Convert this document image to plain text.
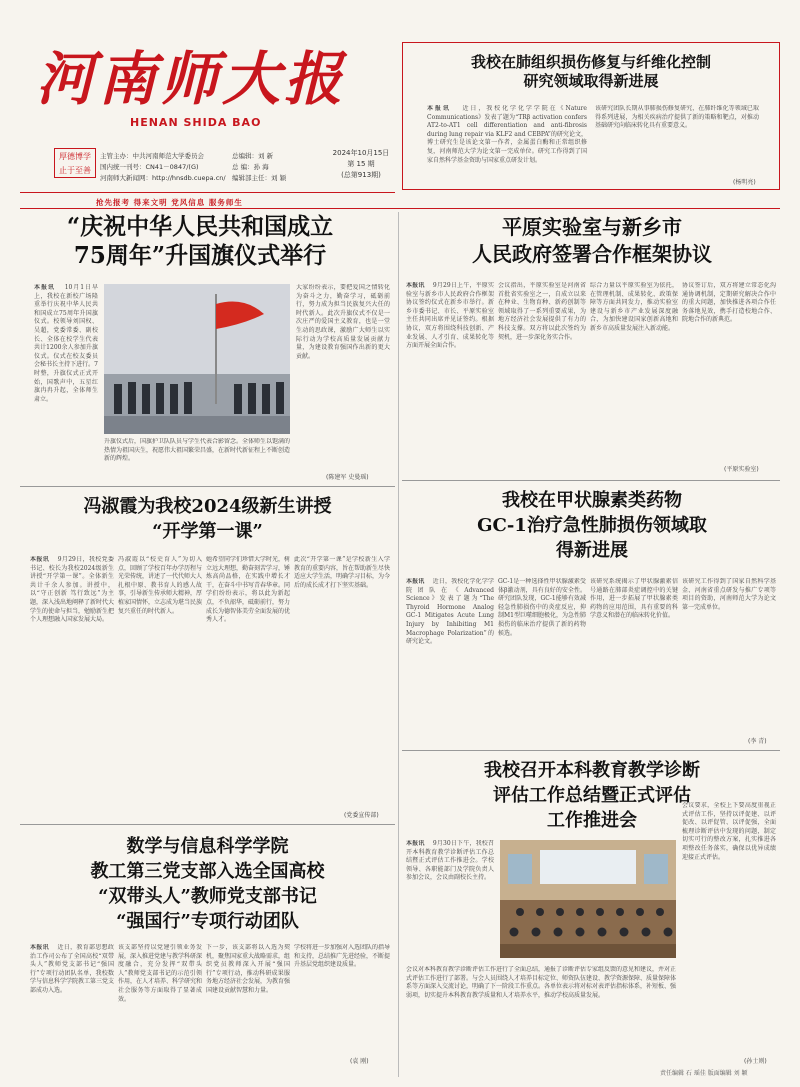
河南师大报
HENAN SHIDA BAO
厚德博学 止于至善
主管主办：中共河南师范大学委员会
国内统一刊号：CN41－0847/(G)
河南师大新闻网：http://hnsdb.cuepa.cn/
总编辑：刘 新
总 编：孙 海
编辑部主任：刘 颖
2024年10月15日
第 15 期
(总第913期)
抢先报考 得来文明 党风信息 服务师生
我校在肺组织损伤修复与纤维化控制
研究领域取得新进展
本报讯 　近日，我校化学化学学院在《Nature Communications》发表了题为“TRβ activation confers AT2-to-AT1 cell differentiation and anti-fibrosis during lung repair via KLF2 and CEBPA”的研究论文，博士研究生是该论文第一作者，金属蛋白酶和正常组织修复，河南师范大学为论文第一完成单位。研究工作得到了国家自然科学基金资助与国家重点研发计划。
该研究团队长期从事肺损伤修复研究，在肺纤维化等领域已取得系列进展，为相关疾病治疗提供了新的策略和靶点，对推动基础研究向临床转化具有重要意义。
(杨明亮)
“庆祝中华人民共和国成立
75周年”升国旗仪式举行
本报讯 　10月1日早上，我校在新校广场隆重举行庆祝中华人民共和国成立75周年升国旗仪式。校领导刘国权、吴超，党委常委、副校长、全体在校学生代表共计1200余人参加升旗仪式。仪式在校友委员会秘书长主持下进行。7时整，升旗仪式正式开始，国歌声中，五星红旗冉冉升起，全体师生肃立。
升旗仪式后，国旗护卫队队员与学生代表合影留念。全体师生以饱满的热情为祖国庆生，祝愿伟大祖国繁荣昌盛，在新时代新征程上不断创造新的辉煌。
大家纷纷表示，要把爱国之情转化为奋斗之力，勤奋学习，砥砺前行，努力成为担当民族复兴大任的时代新人。此次升旗仪式不仅是一次庄严的爱国主义教育，也是一堂生动的思政课，激励广大师生以实际行动为学校高质量发展贡献力量，为建设教育强国作出新的更大贡献。
(陈建军 史曼瑶)
平原实验室与新乡市
人民政府签署合作框架协议
本报讯 　9月29日上午，平原实验室与新乡市人民政府合作框架协议签约仪式在新乡市举行。新乡市委书记、市长、平原实验室主任共同出席并见证签约。根据协议，双方将围绕科技创新、产业发展、人才引育、成果转化等方面开展全面合作。
会议指出，平原实验室是河南省首批省实验室之一，自成立以来在种业、生物育种、新药创制等领域取得了一系列重要成果，为地方经济社会发展提供了有力的科技支撑。双方将以此次签约为契机，进一步深化务实合作。
综合力量以平原实验室为依托，在管理机制、成果转化、政策保障等方面共同发力，推动实验室建设与新乡市产业发展深度融合，为加快建设国家创新高地和新乡市高质量发展注入新动能。
协议签订后，双方将建立常态化沟通协调机制，定期研究解决合作中的重大问题，加快推进各项合作任务落地见效，携手打造校地合作、院地合作的新典范。
(平原实验室)
冯淑霞为我校2024级新生讲授
“开学第一课”
本报讯 　9月29日，我校党委书记、校长为我校2024级新生讲授“开学第一课”。全体新生共计千余人参加。讲授中，以“守正创新 笃行致远”为主题，深入浅出地阐释了新时代大学生的使命与担当，勉励新生把个人理想融入国家发展大局。
冯淑霞以“校史育人”为切入点，回顾了学校百年办学历程与光荣传统，讲述了一代代师大人扎根中原、教书育人的感人故事，引导新生传承师大精神，厚植家国情怀，立志成为堪当民族复兴重任的时代新人。
她希望同学们珍惜大学时光，树立远大理想，勤奋刻苦学习，锤炼高尚品格，在实践中增长才干，在奋斗中书写青春华章。同学们纷纷表示，将以此为新起点，不负韶华，砥砺前行，努力成长为德智体美劳全面发展的优秀人才。
此次“开学第一课”是学校新生入学教育的重要内容，旨在帮助新生尽快适应大学生活，明确学习目标，为今后的成长成才打下坚实基础。
(党委宣传部)
我校在甲状腺素类药物
GC-1治疗急性肺损伤领域取
得新进展
本报讯 　近日，我校化学化学学院团队在《Advanced Science》发表了题为“The Thyroid Hormone Analog GC-1 Mitigates Acute Lung Injury by Inhibiting M1 Macrophage Polarization”的研究论文。
GC-1是一种选择性甲状腺激素受体β激动剂，具有良好的安全性。研究团队发现，GC-1能够有效减轻急性肺损伤中的炎症反应，抑制M1型巨噬细胞极化，为急性肺损伤的临床治疗提供了新的药物候选。
该研究系统揭示了甲状腺激素信号通路在肺部炎症调控中的关键作用，进一步拓展了甲状腺素类药物的应用范围，具有重要的科学意义和潜在的临床转化价值。
该研究工作得到了国家自然科学基金、河南省重点研发与推广专项等项目的资助，河南师范大学为论文第一完成单位。
(李 青)
我校召开本科教育教学诊断
评估工作总结暨正式评估
工作推进会
本报讯 　9月30日下午，我校召开本科教育教学诊断评估工作总结暨正式评估工作推进会。学校领导、各职能部门及学院负责人参加会议，会议由副校长主持。
会议要求，全校上下要高度重视正式评估工作，坚持以评促建、以评促改、以评促管、以评促强，全面梳理诊断评估中发现的问题，制定切实可行的整改方案，扎实推进各项整改任务落实，确保以优异成绩迎接正式评估。
会议对本科教育教学诊断评估工作进行了全面总结，通报了诊断评估专家组反馈的意见和建议，并对正式评估工作进行了部署。与会人员围绕人才培养目标定位、师资队伍建设、教学资源保障、质量保障体系等方面深入交流讨论，明确了下一阶段工作重点。各单位表示将对标对表评估指标体系，补短板、强弱项，切实提升本科教育教学质量和人才培养水平，推动学校高质量发展。
(孙士则)
数学与信息科学学院
教工第三党支部入选全国高校
“双带头人”教师党支部书记
“强国行”专项行动团队
本报讯 　近日，教育部思想政治工作司公布了全国高校“双带头人”教师党支部书记“强国行”专项行动团队名单，我校数学与信息科学学院教工第三党支部成功入选。
该支部坚持以党建引领业务发展，深入推进党建与教学科研深度融合，充分发挥“双带头人”教师党支部书记的示范引领作用，在人才培养、科学研究和社会服务等方面取得了显著成效。
下一步，该支部将以入选为契机，聚焦国家重大战略需求，组织党员教师深入开展“强国行”专项行动，推动科研成果服务地方经济社会发展，为教育强国建设贡献智慧和力量。
学校将进一步加强对入选团队的指导和支持，总结推广先进经验，不断提升基层党组织建设质量。
(袁 刚)
责任编辑 石 瑶佳 版面编辑 刘 颖
